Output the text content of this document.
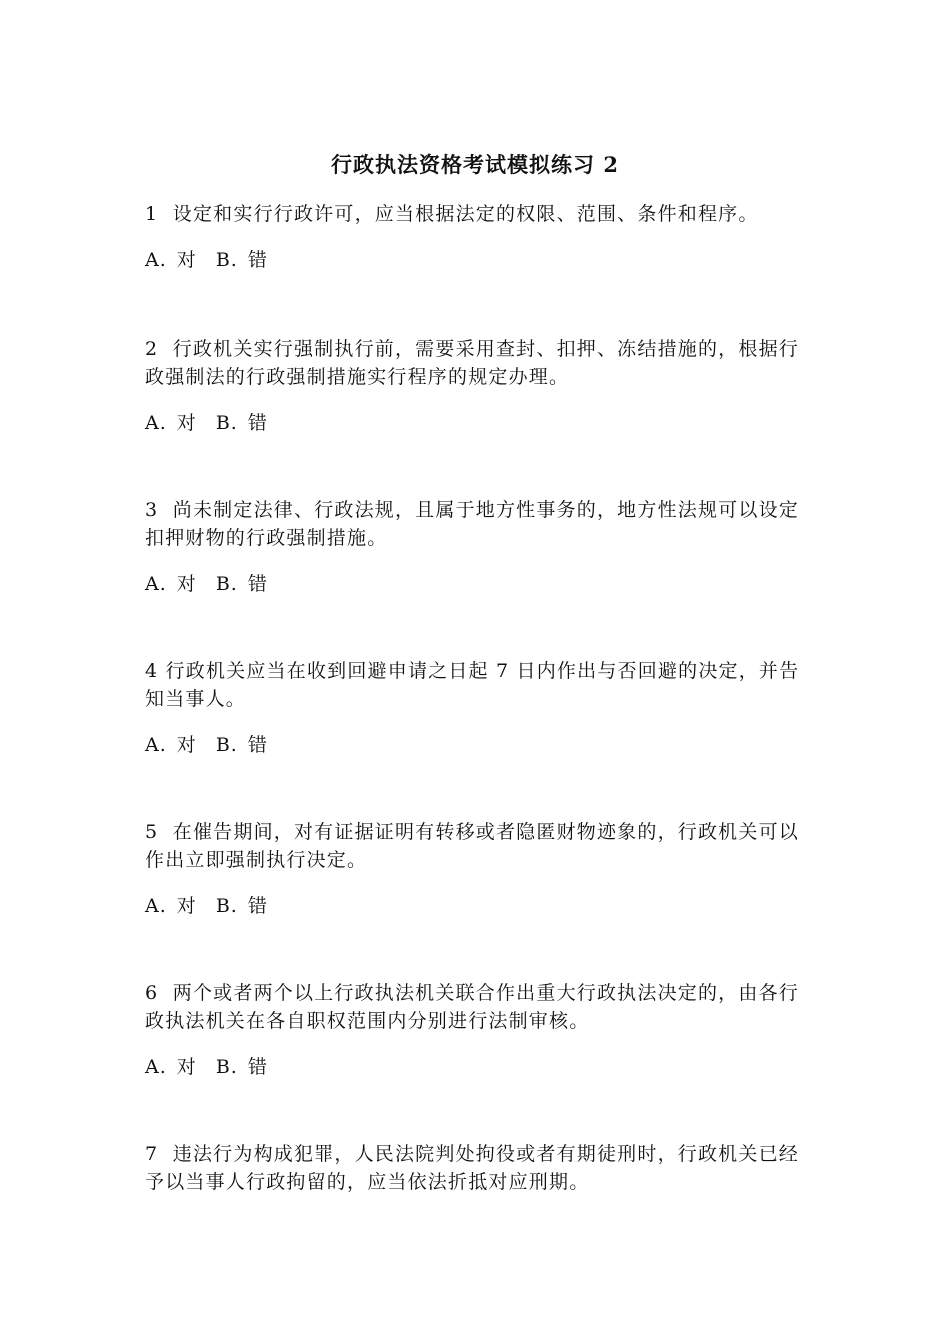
行政执法资格考试模拟练习 2

1 设定和实行行政许可，应当根据法定的权限、范围、条件和程序。

A. 对 B. 错

2 行政机关实行强制执行前，需要采用查封、扣押、冻结措施的，根据行政强制法的行政强制措施实行程序的规定办理。

A. 对 B. 错

3 尚未制定法律、行政法规，且属于地方性事务的，地方性法规可以设定扣押财物的行政强制措施。

A. 对 B. 错

4 行政机关应当在收到回避申请之日起 7 日内作出与否回避的决定，并告知当事人。

A. 对 B. 错

5 在催告期间，对有证据证明有转移或者隐匿财物迹象的，行政机关可以作出立即强制执行决定。

A. 对 B. 错

6 两个或者两个以上行政执法机关联合作出重大行政执法决定的，由各行政执法机关在各自职权范围内分别进行法制审核。

A. 对 B. 错

7 违法行为构成犯罪，人民法院判处拘役或者有期徒刑时，行政机关已经予以当事人行政拘留的，应当依法折抵对应刑期。
